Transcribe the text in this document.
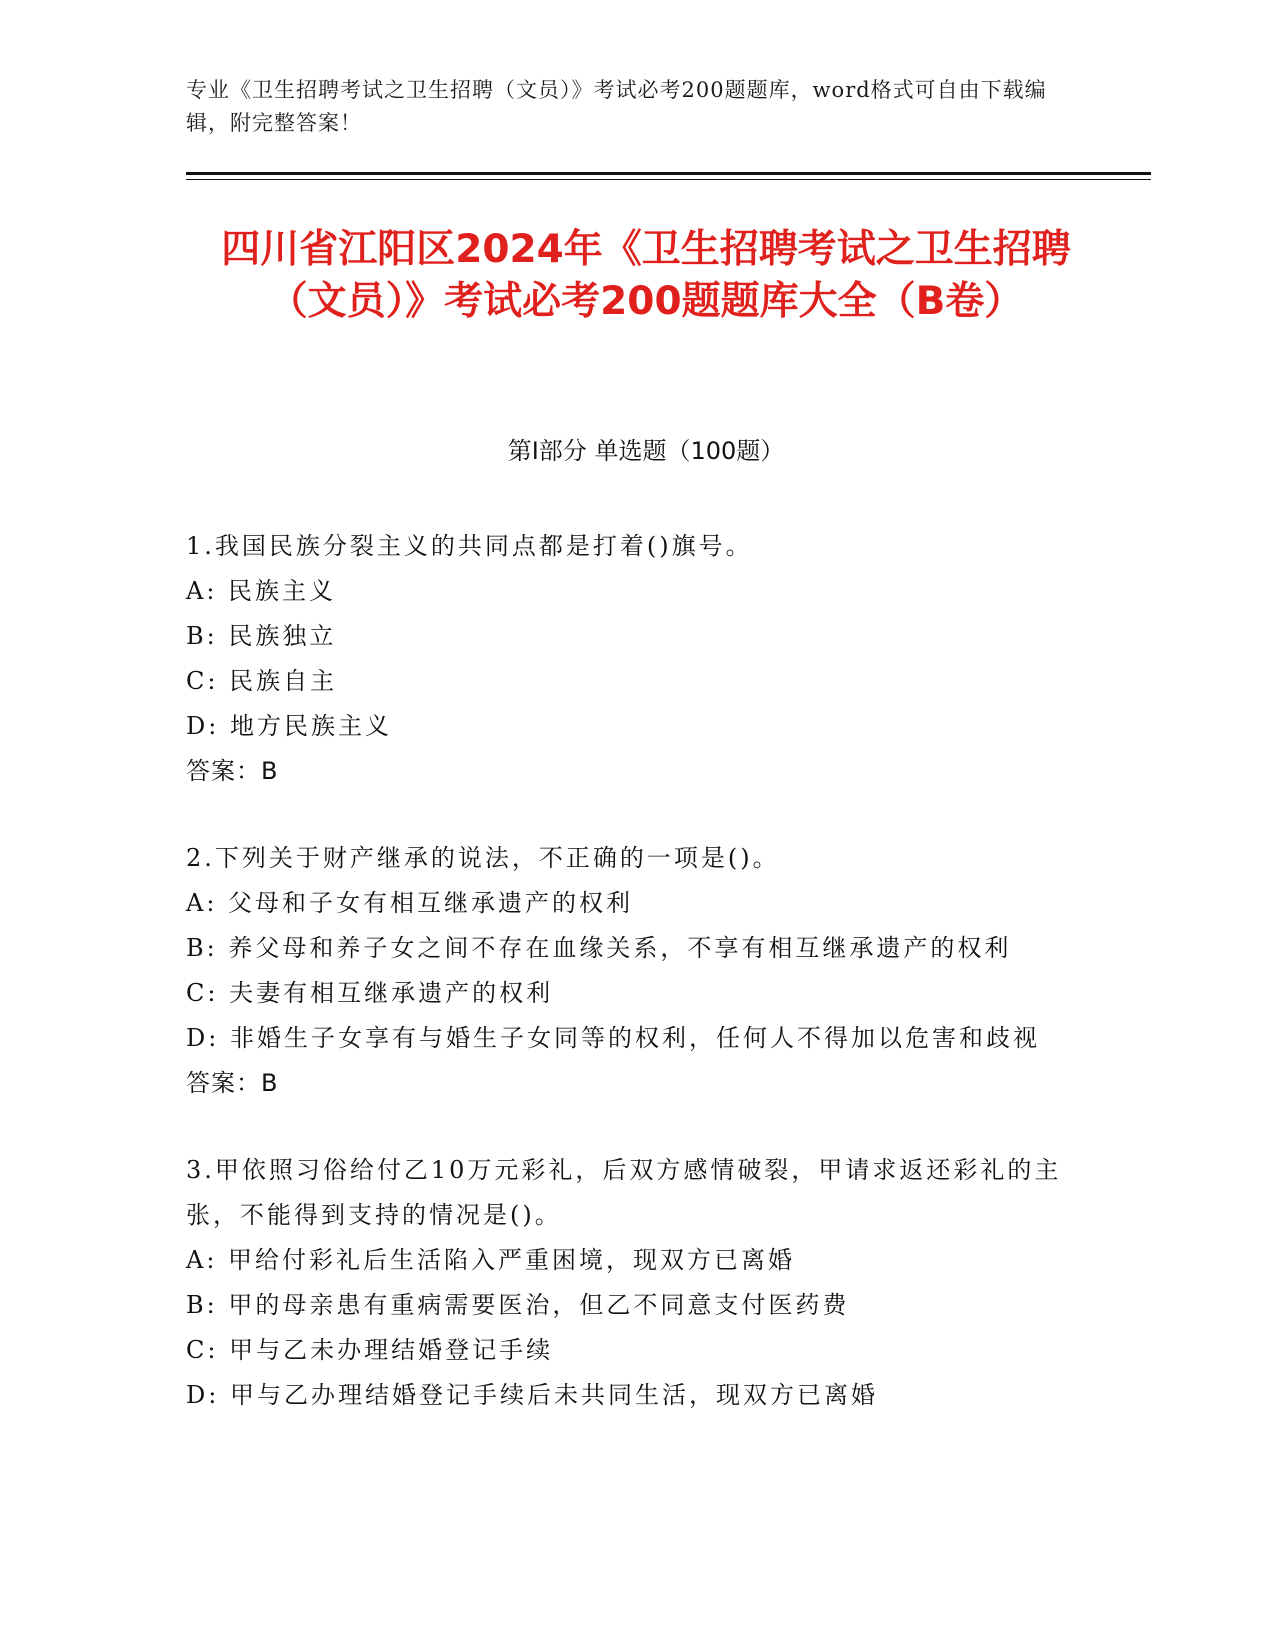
专业《卫生招聘考试之卫生招聘（文员）》考试必考200题题库，word格式可自由下载编辑，附完整答案！
四川省江阳区2024年《卫生招聘考试之卫生招聘（文员）》考试必考200题题库大全（B卷）
第I部分 单选题（100题）
1.我国民族分裂主义的共同点都是打着()旗号。
A: 民族主义
B: 民族独立
C: 民族自主
D: 地方民族主义
答案：B
2.下列关于财产继承的说法，不正确的一项是()。
A: 父母和子女有相互继承遗产的权利
B: 养父母和养子女之间不存在血缘关系，不享有相互继承遗产的权利
C: 夫妻有相互继承遗产的权利
D: 非婚生子女享有与婚生子女同等的权利，任何人不得加以危害和歧视
答案：B
3.甲依照习俗给付乙10万元彩礼，后双方感情破裂，甲请求返还彩礼的主张，不能得到支持的情况是()。
A: 甲给付彩礼后生活陷入严重困境，现双方已离婚
B: 甲的母亲患有重病需要医治，但乙不同意支付医药费
C: 甲与乙未办理结婚登记手续
D: 甲与乙办理结婚登记手续后未共同生活，现双方已离婚
